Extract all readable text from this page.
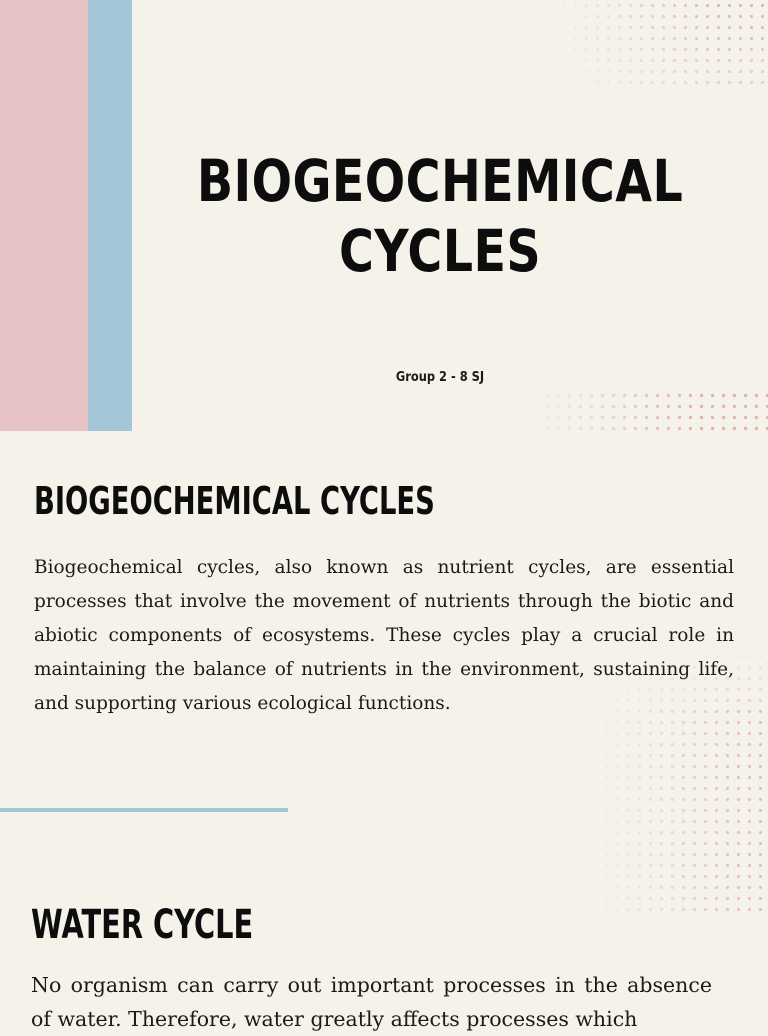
BIOGEOCHEMICAL
CYCLES

Group 2 - 8 SJ

BIOGEOCHEMICAL CYCLES

Biogeochemical cycles, also known as nutrient cycles, are essential processes that involve the movement of nutrients through the biotic and abiotic components of ecosystems. These cycles play a crucial role in maintaining the balance of nutrients in the environment, sustaining life, and supporting various ecological functions.

WATER CYCLE

No organism can carry out important processes in the absence of water. Therefore, water greatly affects processes which
